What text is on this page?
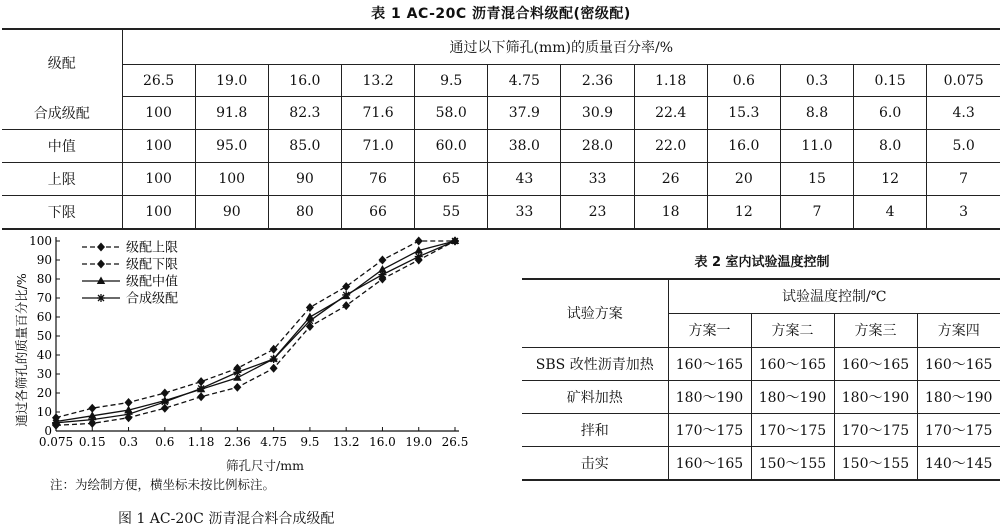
表 1 AC-20C 沥青混合料级配(密级配)
级配	通过以下筛孔(mm)的质量百分率/%											
	26.5	19.0	16.0	13.2	9.5	4.75	2.36	1.18	0.6	0.3	0.15	0.075
合成级配	100	91.8	82.3	71.6	58.0	37.9	30.9	22.4	15.3	8.8	6.0	4.3
中值	100	95.0	85.0	71.0	60.0	38.0	28.0	22.0	16.0	11.0	8.0	5.0
上限	100	100	90	76	65	43	33	26	20	15	12	7
下限	100	90	80	66	55	33	23	18	12	7	4	3
0
10
20
30
40
50
60
70
80
90
100
0.075 0.15 0.3 0.6 1.18 2.36 4.75 9.5 13.2 16.0 19.0 26.5
级配上限
级配下限
级配中值
合成级配
通过各筛孔的质量百分比/%
筛孔尺寸/mm
注：为绘制方便，横坐标未按比例标注。
图 1 AC-20C 沥青混合料合成级配
表 2 室内试验温度控制
试验方案	试验温度控制/℃			
	方案一	方案二	方案三	方案四
SBS 改性沥青加热	160～165	160～165	160～165	160～165
矿料加热	180～190	180～190	180～190	180～190
拌和	170～175	170～175	170～175	170～175
击实	160～165	150～155	150～155	140～145
